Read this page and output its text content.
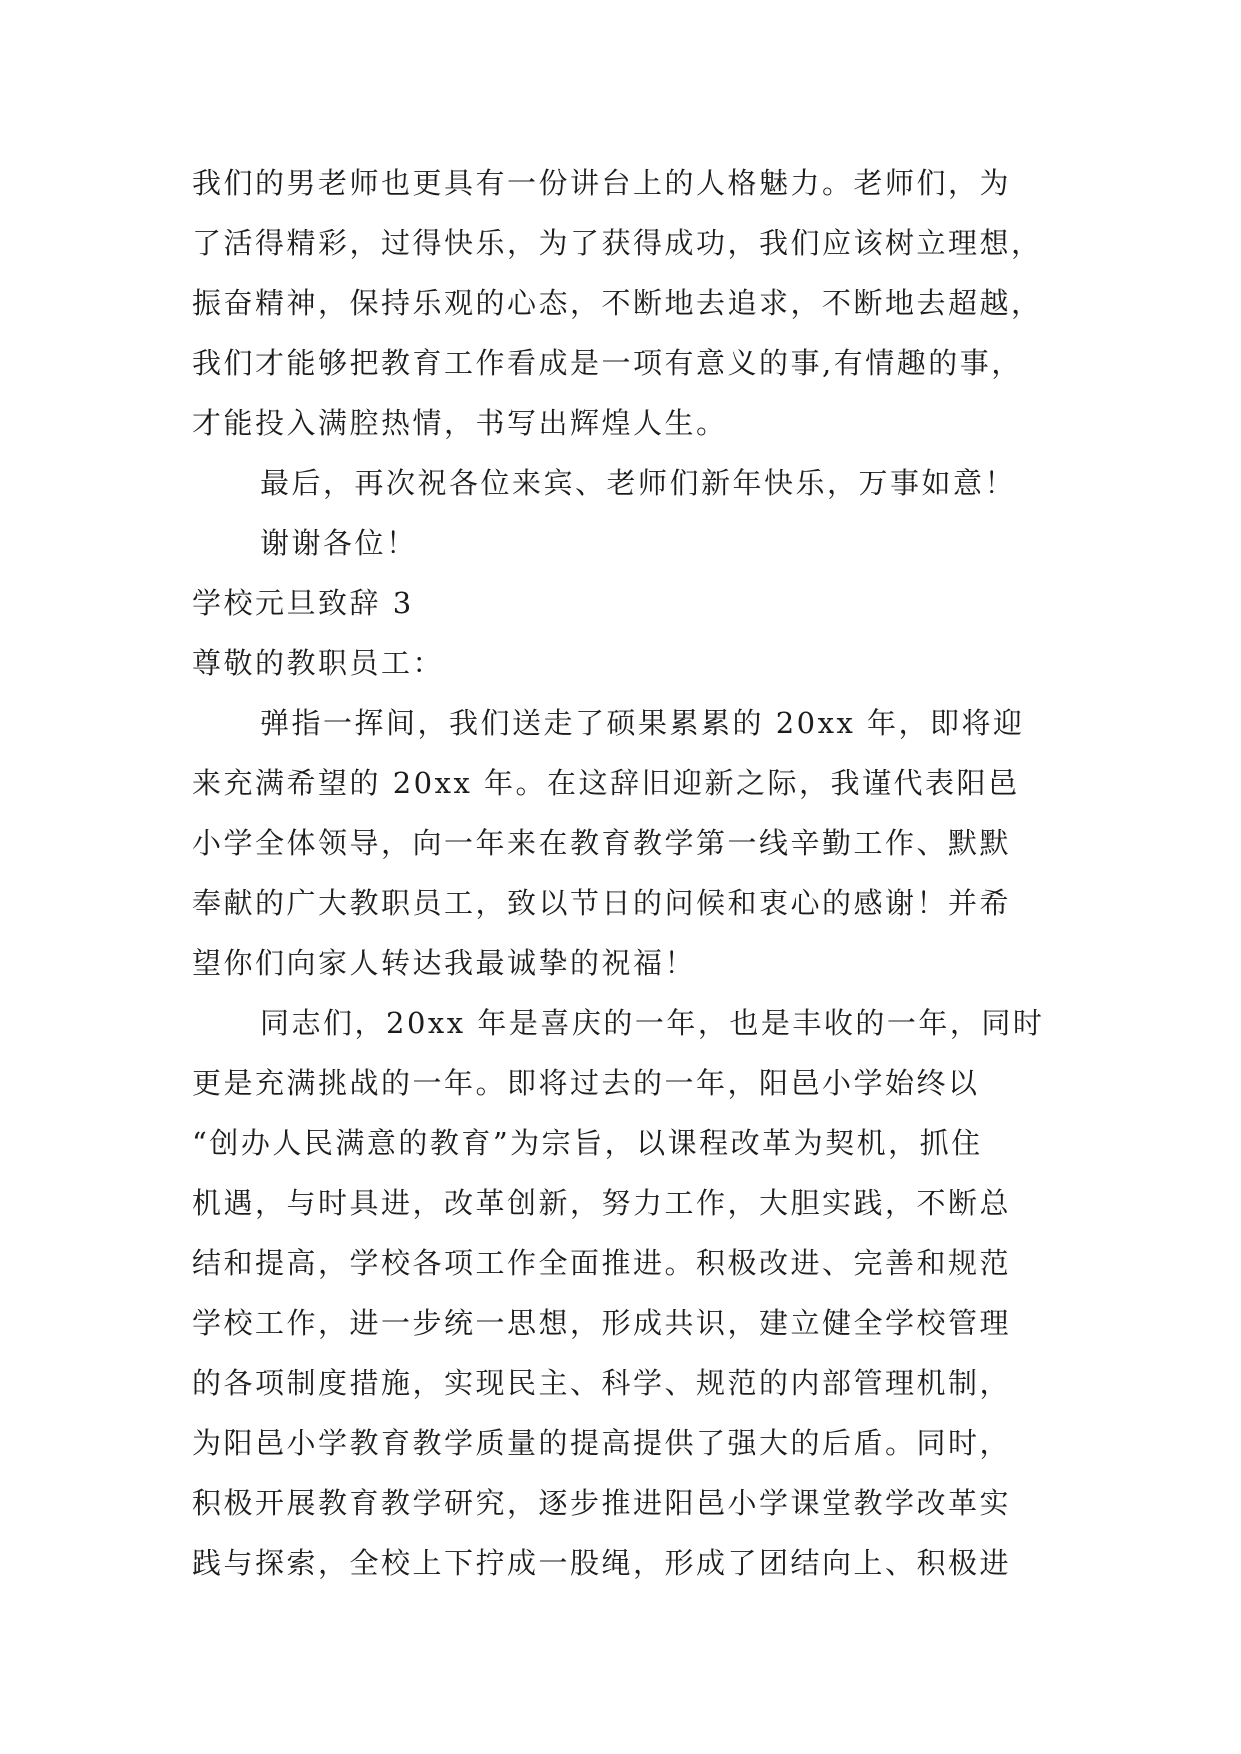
我们的男老师也更具有一份讲台上的人格魅力。老师们，为
了活得精彩，过得快乐，为了获得成功，我们应该树立理想，
振奋精神，保持乐观的心态，不断地去追求，不断地去超越，
我们才能够把教育工作看成是一项有意义的事,有情趣的事，
才能投入满腔热情，书写出辉煌人生。
最后，再次祝各位来宾、老师们新年快乐，万事如意！
谢谢各位！
学校元旦致辞 3
尊敬的教职员工：
弹指一挥间，我们送走了硕果累累的 20xx 年，即将迎
来充满希望的 20xx 年。在这辞旧迎新之际，我谨代表阳邑
小学全体领导，向一年来在教育教学第一线辛勤工作、默默
奉献的广大教职员工，致以节日的问候和衷心的感谢！并希
望你们向家人转达我最诚挚的祝福！
同志们，20xx 年是喜庆的一年，也是丰收的一年，同时
更是充满挑战的一年。即将过去的一年，阳邑小学始终以
“创办人民满意的教育”为宗旨，以课程改革为契机，抓住
机遇，与时具进，改革创新，努力工作，大胆实践，不断总
结和提高，学校各项工作全面推进。积极改进、完善和规范
学校工作，进一步统一思想，形成共识，建立健全学校管理
的各项制度措施，实现民主、科学、规范的内部管理机制，
为阳邑小学教育教学质量的提高提供了强大的后盾。同时，
积极开展教育教学研究，逐步推进阳邑小学课堂教学改革实
践与探索，全校上下拧成一股绳，形成了团结向上、积极进
